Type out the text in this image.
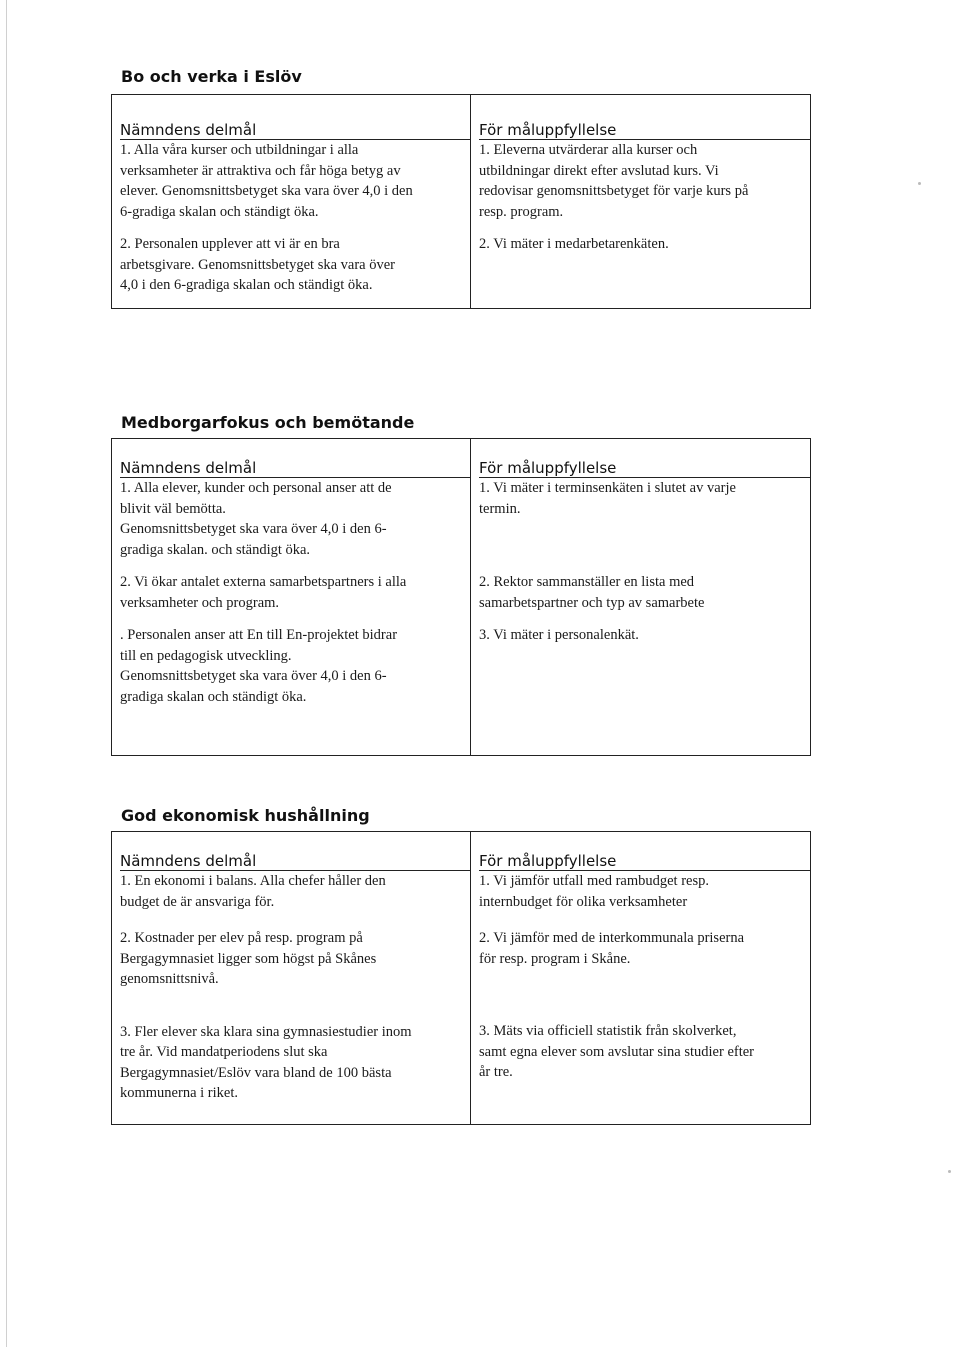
Bo och verka i Eslöv
Nämndens delmål

1. Alla våra kurser och utbildningar i alla
verksamheter är attraktiva och får höga betyg av
elever. Genomsnittsbetyget ska vara över 4,0 i den
6-gradiga skalan och ständigt öka.

2. Personalen upplever att vi är en bra
arbetsgivare. Genomsnittsbetyget ska vara över
4,0 i den 6-gradiga skalan och ständigt öka.

För måluppfyllelse

1. Eleverna utvärderar alla kurser och
utbildningar direkt efter avslutad kurs. Vi
redovisar genomsnittsbetyget för varje kurs på
resp. program.

2. Vi mäter i medarbetarenkäten.

Medborgarfokus och bemötande
Nämndens delmål

1. Alla elever, kunder och personal anser att de
blivit väl bemötta.
Genomsnittsbetyget ska vara över 4,0 i den 6-
gradiga skalan. och ständigt öka.

2. Vi ökar antalet externa samarbetspartners i alla
verksamheter och program.

. Personalen anser att En till En-projektet bidrar
till en pedagogisk utveckling.
Genomsnittsbetyget ska vara över 4,0 i den 6-
gradiga skalan och ständigt öka.

För måluppfyllelse

1. Vi mäter i terminsenkäten i slutet av varje
termin.

2. Rektor sammanställer en lista med
samarbetspartner och typ av samarbete

3. Vi mäter i personalenkät.

God ekonomisk hushållning
Nämndens delmål

1. En ekonomi i balans. Alla chefer håller den
budget de är ansvariga för.

2. Kostnader per elev på resp. program på
Bergagymnasiet ligger som högst på Skånes
genomsnittsnivå.

3. Fler elever ska klara sina gymnasiestudier inom
tre år. Vid mandatperiodens slut ska
Bergagymnasiet/Eslöv vara bland de 100 bästa
kommunerna i riket.

För måluppfyllelse

1. Vi jämför utfall med rambudget resp.
internbudget för olika verksamheter

2. Vi jämför med de interkommunala priserna
för resp. program i Skåne.

3. Mäts via officiell statistik från skolverket,
samt egna elever som avslutar sina studier efter
år tre.
